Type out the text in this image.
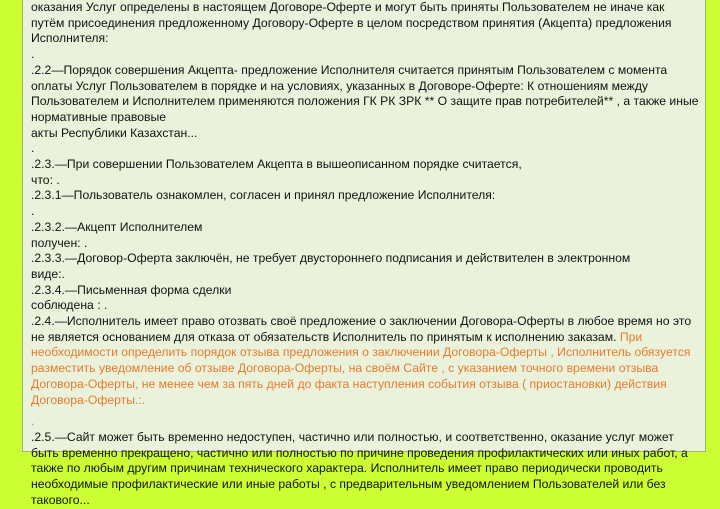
оказания Услуг определены в настоящем Договоре-Оферте и могут быть приняты Пользователем не иначе как путём присоединения предложенному Договору-Оферте в целом посредством принятия (Акцепта) предложения Исполнителя:

.

.2.2—Порядок совершения Акцепта- предложение Исполнителя считается принятым Пользователем с момента оплаты Услуг Пользователем в порядке и на условиях, указанных в Договоре-Оферте: К отношениям между Пользователем и Исполнителем применяются положения ГК РК ЗРК ** О защите прав потребителей** , а также иные нормативные правовые

акты Республики Казахстан...

.

.2.3.—При совершении Пользователем Акцепта в вышеописанном порядке считается,

что: .

.2.3.1—Пользователь ознакомлен, согласен и принял предложение Исполнителя:

.

.2.3.2.—Акцепт Исполнителем

получен: .

.2.3.3.—Договор-Оферта заключён, не требует двустороннего подписания и действителен в электронном

виде:.

.2.3.4.—Письменная форма сделки

соблюдена : .

.2.4.—Исполнитель имеет право отозвать своё предложение о заключении Договора-Оферты в любое время но это не является основанием для отказа от обязательств Исполнитель по принятым к исполнению заказам. При необходимости определить порядок отзыва предложения о заключении Договора-Оферты , Исполнитель обязуется разместить уведомление об отзыве Договора-Оферты, на своём Сайте , с указанием точного времени отзыва Договора-Оферты, не менее чем за пять дней до факта наступления события отзыва ( приостановки) действия Договора-Оферты.:.

.

.2.5.—Сайт может быть временно недоступен, частично или полностью, и соответственно, оказание услуг может быть временно прекращено, частично или полностью по причине проведения профилактических или иных работ, а также по любым другим причинам технического характера. Исполнитель имеет право периодически проводить необходимые профилактические или иные работы , с предварительным уведомлением Пользователей или без такового...
